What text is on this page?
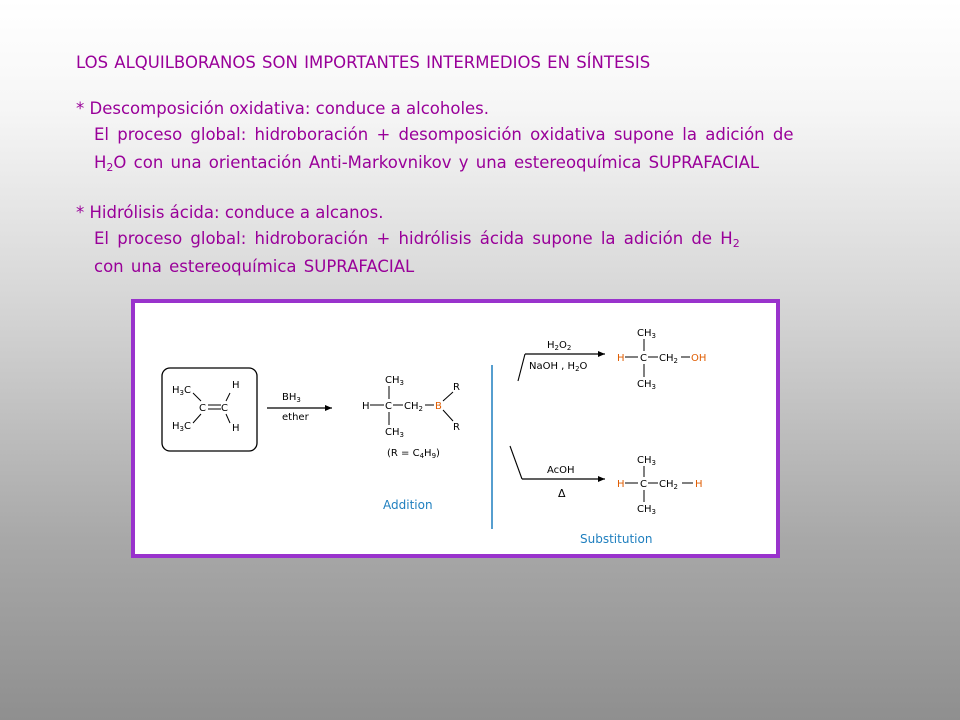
LOS ALQUILBORANOS SON IMPORTANTES INTERMEDIOS EN SÍNTESIS
* Descomposición oxidativa: conduce a alcoholes.
El proceso global: hidroboración + desomposición oxidativa supone la adición de
$H_2O$ con una orientación Anti-Markovnikov y una estereoquímica SUPRAFACIAL
* Hidrólisis ácida: conduce a alcanos.
El proceso global: hidroboración + hidrólisis ácida supone la adición de $H_2$
con una estereoquímica SUPRAFACIAL
$H_3C$
$H_3C$
H
H
C C
$BH_3$
ether
$CH_3$
H C $CH_2$ B
R
R
$CH_3$
$(R = C_4H_9)$
Addition
$H_2O_2$
NaOH , $H_2O$
$CH_3$
H C $CH_2$ OH
$CH_3$
AcOH
Δ
$CH_3$
H C $CH_2$ H
$CH_3$
Substitution
